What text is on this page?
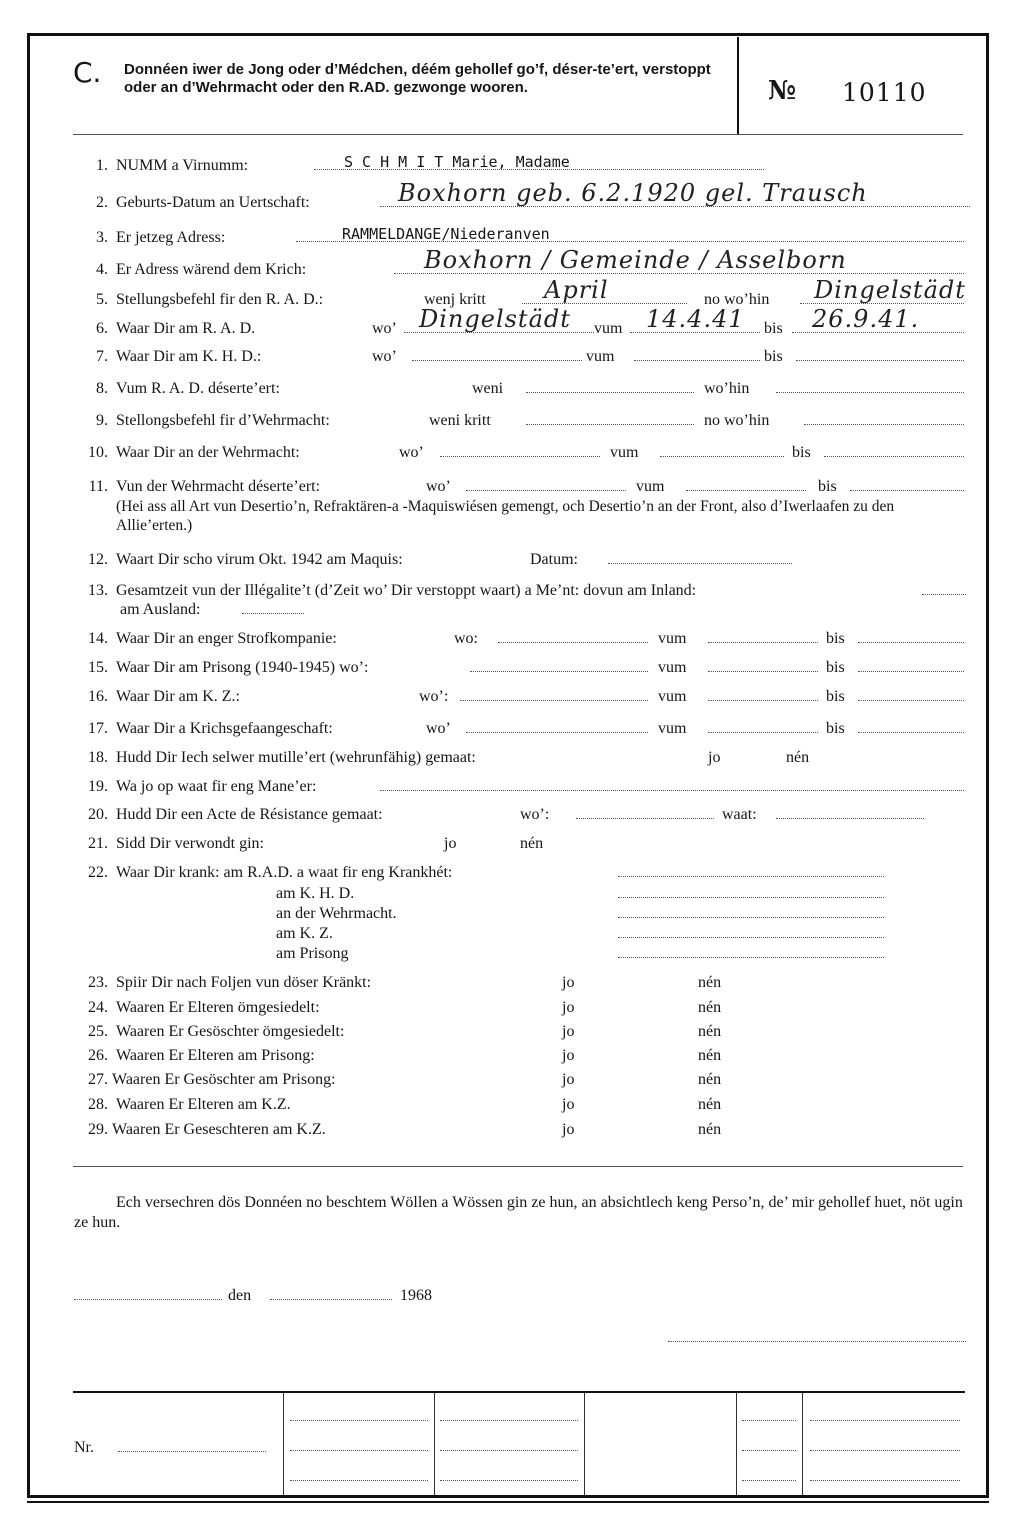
C. Donnéen iwer de Jong oder d’Médchen, déém gehollef go’f, déser-te’ert, verstoppt oder an d’Wehrmacht oder den R.AD. gezwonge wooren.	№ 10110
1. NUMM a Virnumm:	S C H M I T Marie, Madame
2. Geburts-Datum an Uertschaft:	Boxhorn geb. 6.2.1920 gel. Trausch
3. Er jetzeg Adress:	RAMMELDANGE/Niederanven
4. Er Adress wärend dem Krich:	Boxhorn / Gemeinde / Asselborn
5. Stellungsbefehl fir den R. A. D.:	wenj kritt April	no wo’hin Dingelstädt
6. Waar Dir am R. A. D.	wo’ Dingelstädt vum 14.4.41 bis 26.9.41.
7. Waar Dir am K. H. D.:	wo’	vum	bis
8. Vum R. A. D. déserte’ert:	weni	wo’hin
9. Stellongsbefehl fir d’Wehrmacht:	weni kritt	no wo’hin
10. Waar Dir an der Wehrmacht:	wo’	vum	bis
11. Vun der Wehrmacht déserte’ert:	wo’	vum	bis
(Hei ass all Art vun Desertio’n, Refraktären-a -Maquiswiésen gemengt, och Desertio’n an der Front, also d’Iwerlaafen zu den Allie’erten.)
12. Waart Dir scho virum Okt. 1942 am Maquis:	Datum:
13. Gesamtzeit vun der Illégalite’t (d’Zeit wo’ Dir verstoppt waart) a Me’nt: dovun am Inland:
am Ausland:
14. Waar Dir an enger Strofkompanie:	wo:	vum	bis
15. Waar Dir am Prisong (1940-1945) wo’:	vum	bis
16. Waar Dir am K. Z.:	wo’:	vum	bis
17. Waar Dir a Krichsgefaangeschaft:	wo’	vum	bis
18. Hudd Dir Iech selwer mutille’ert (wehrunfähig) gemaat:	jo	nén
19. Wa jo op waat fir eng Mane’er:
20. Hudd Dir een Acte de Résistance gemaat:	wo’:	waat:
21. Sidd Dir verwondt gin:	jo	nén
22. Waar Dir krank: am R.A.D. a waat fir eng Krankhét:
am K. H. D.
an der Wehrmacht.
am K. Z.
am Prisong
23. Spiir Dir nach Foljen vun döser Kränkt:	jo	nén
24. Waaren Er Elteren ömgesiedelt:	jo	nén
25. Waaren Er Gesöschter ömgesiedelt:	jo	nén
26. Waaren Er Elteren am Prisong:	jo	nén
27. Waaren Er Gesöschter am Prisong:	jo	nén
28. Waaren Er Elteren am K.Z.	jo	nén
29. Waaren Er Geseschteren am K.Z.	jo	nén
Ech versechren dös Donnéen no beschtem Wöllen a Wössen gin ze hun, an absichtlech keng Perso’n, de’ mir gehollef huet, nöt ugin ze hun.
den	1968
Nr.
